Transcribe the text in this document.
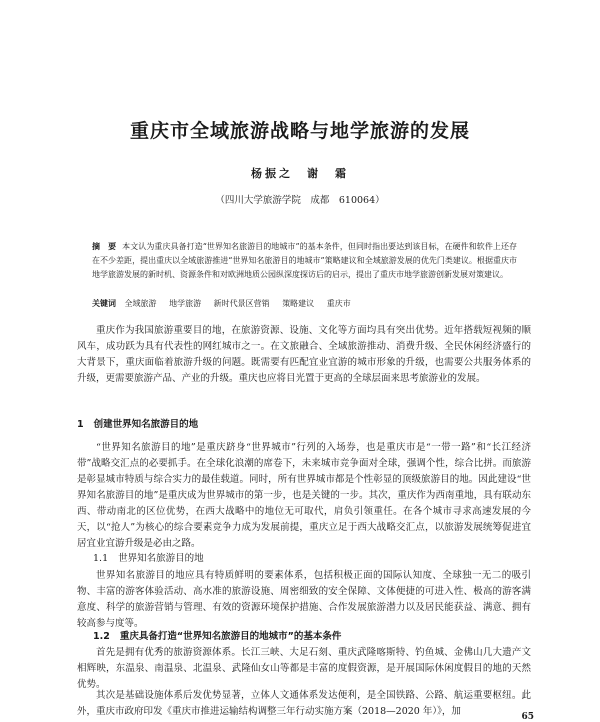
重庆市全域旅游战略与地学旅游的发展
杨振之　谢　霜
（四川大学旅游学院　成都　610064）
摘　要 本文认为重庆具备打造“世界知名旅游目的地城市”的基本条件，但同时指出要达到该目标，在硬件和软件上还存在不少差距，提出重庆以全域旅游推进“世界知名旅游目的地城市”策略建议和全域旅游发展的优先门类建议。根据重庆市地学旅游发展的新时机、资源条件和对欧洲地质公园纵深度探访后的启示，提出了重庆市地学旅游创新发展对策建议。
关键词 全域旅游 地学旅游 新时代景区营销 策略建议 重庆市
重庆作为我国旅游重要目的地，在旅游资源、设施、文化等方面均具有突出优势。近年搭载短视频的顺风车，成功跃为具有代表性的网红城市之一。在文旅融合、全域旅游推动、消费升级、全民休闲经济盛行的大背景下，重庆面临着旅游升级的问题。既需要有匹配宜业宜游的城市形象的升级，也需要公共服务体系的升级，更需要旅游产品、产业的升级。重庆也应将目光置于更高的全球层面来思考旅游业的发展。
1 创建世界知名旅游目的地
“世界知名旅游目的地”是重庆跻身“世界城市”行列的入场券，也是重庆市是“一带一路”和“长江经济带”战略交汇点的必要抓手。在全球化浪潮的席卷下，未来城市竞争面对全球，强调个性，综合比拼。而旅游是彰显城市特质与综合实力的最佳载道。同时，所有世界城市都是个性彰显的顶级旅游目的地。因此建设“世界知名旅游目的地”是重庆成为世界城市的第一步，也是关键的一步。其次，重庆作为西南重地，具有联动东西、带动南北的区位优势，在西大战略中的地位无可取代，肩负引领重任。在各个城市寻求高速发展的今天，以“抢人”为核心的综合要素竞争力成为发展前提，重庆立足于西大战略交汇点，以旅游发展统筹促进宜居宜业宜游升级是必由之路。
1.1 世界知名旅游目的地
世界知名旅游目的地应具有特质鲜明的要素体系，包括积极正面的国际认知度、全球独一无二的吸引物、丰富的游客体验活动、高水准的旅游设施、周密细致的安全保障、文体便捷的可进入性、极高的游客满意度、科学的旅游营销与管理、有效的资源环境保护措施、合作发展旅游潜力以及居民能获益、满意、拥有较高参与度等。
1.2 重庆具备打造“世界知名旅游目的地城市”的基本条件
首先是拥有优秀的旅游资源体系。长江三峡、大足石刻、重庆武隆喀斯特、钓鱼城、金佛山几大遗产文相辉映，东温泉、南温泉、北温泉、武隆仙女山等都是丰富的度假资源，是开展国际休闲度假目的地的天然优势。
其次是基础设施体系后发优势显著，立体人文通体系发达便利，是全国铁路、公路、航运重要枢纽。此外，重庆市政府印发《重庆市推进运输结构调整三年行动实施方案（2018—2020 年）》，加	65
